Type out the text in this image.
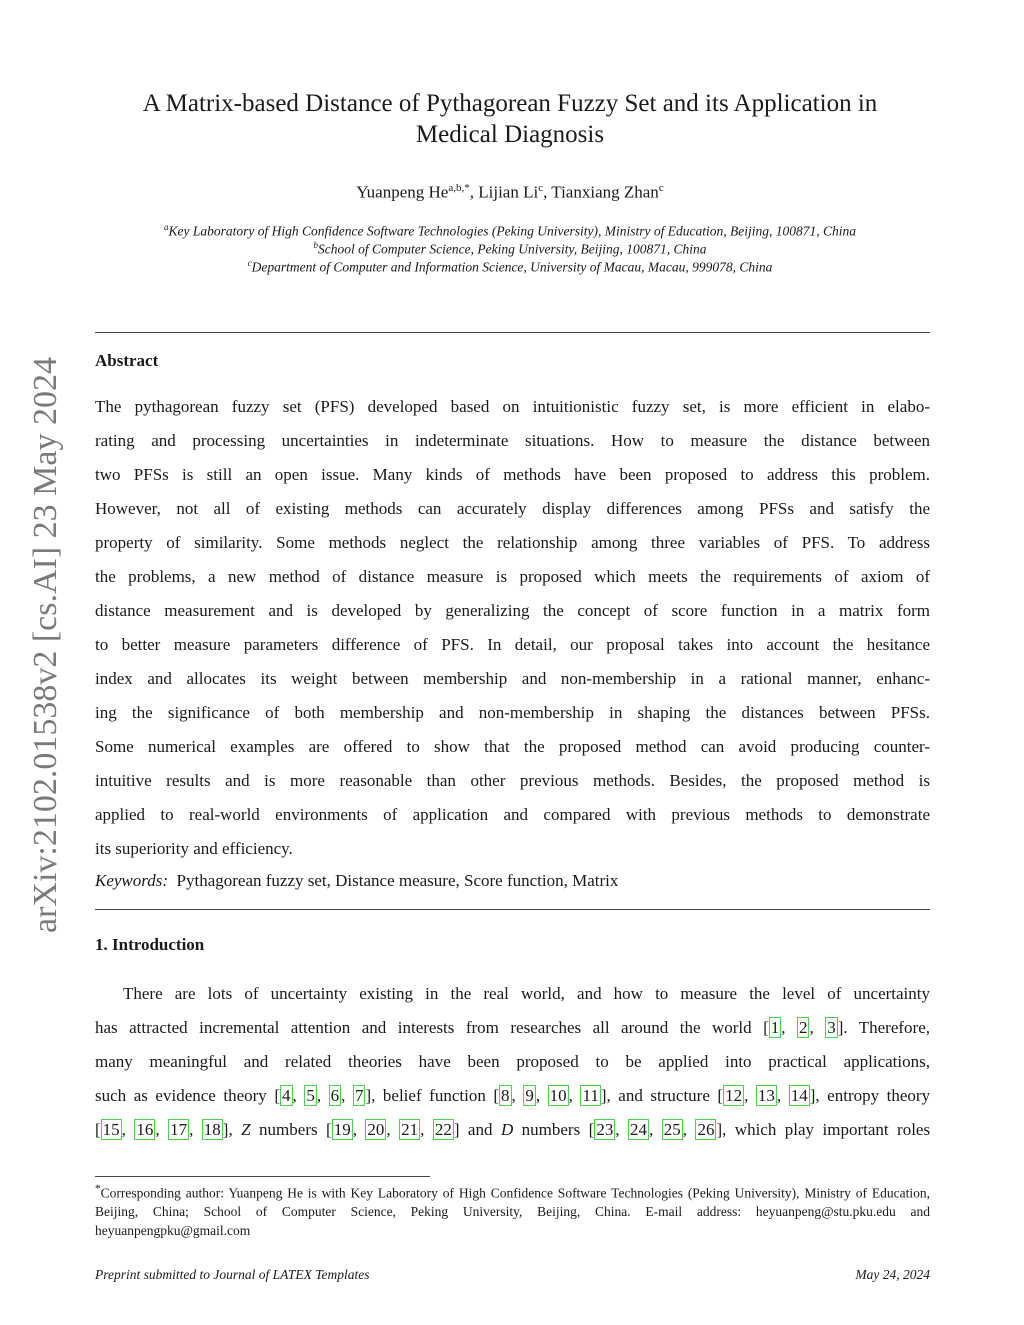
arXiv:2102.01538v2 [cs.AI] 23 May 2024
A Matrix-based Distance of Pythagorean Fuzzy Set and its Application in
Medical Diagnosis
Yuanpeng $He^{a,b,*}$, Lijian Li$^c$, Tianxiang Zhan$^c$
$^a$Key Laboratory of High Confidence Software Technologies (Peking University), Ministry of Education, Beijing, 100871, China
$^b$School of Computer Science, Peking University, Beijing, 100871, China
$^c$Department of Computer and Information Science, University of Macau, Macau, 999078, China
Abstract
The pythagorean fuzzy set (PFS) developed based on intuitionistic fuzzy set, is more efficient in elabo-
rating and processing uncertainties in indeterminate situations. How to measure the distance between
two PFSs is still an open issue. Many kinds of methods have been proposed to address this problem.
However, not all of existing methods can accurately display differences among PFSs and satisfy the
property of similarity. Some methods neglect the relationship among three variables of PFS. To address
the problems, a new method of distance measure is proposed which meets the requirements of axiom of
distance measurement and is developed by generalizing the concept of score function in a matrix form
to better measure parameters difference of PFS. In detail, our proposal takes into account the hesitance
index and allocates its weight between membership and non-membership in a rational manner, enhanc-
ing the significance of both membership and non-membership in shaping the distances between PFSs.
Some numerical examples are offered to show that the proposed method can avoid producing counter-
intuitive results and is more reasonable than other previous methods. Besides, the proposed method is
applied to real-world environments of application and compared with previous methods to demonstrate
its superiority and efficiency.
Keywords: Pythagorean fuzzy set, Distance measure, Score function, Matrix
1. Introduction
There are lots of uncertainty existing in the real world, and how to measure the level of uncertainty
has attracted incremental attention and interests from researches all around the world [ 1 , 2 , 3 ]. Therefore,
many meaningful and related theories have been proposed to be applied into practical applications,
such as evidence theory [ 4 , 5 , 6 , 7 ], belief function [ 8 , 9 , 10 , 11 ], and structure [ 12 , 13 , 14 ], entropy theory
[ 15 , 16 , 17 , 18 ], Z numbers [ 19 , 20 , 21 , 22 ] and D numbers [ 23 , 24 , 25 , 26 ], which play important roles
*Corresponding author: Yuanpeng He is with Key Laboratory of High Confidence Software Technologies (Peking University), Ministry of Education, Beijing, China; School of Computer Science, Peking University, Beijing, China. E-mail address: heyuanpeng@stu.pku.edu and heyuanpengpku@gmail.com
Preprint submitted to Journal of LATEX Templates	May 24, 2024
